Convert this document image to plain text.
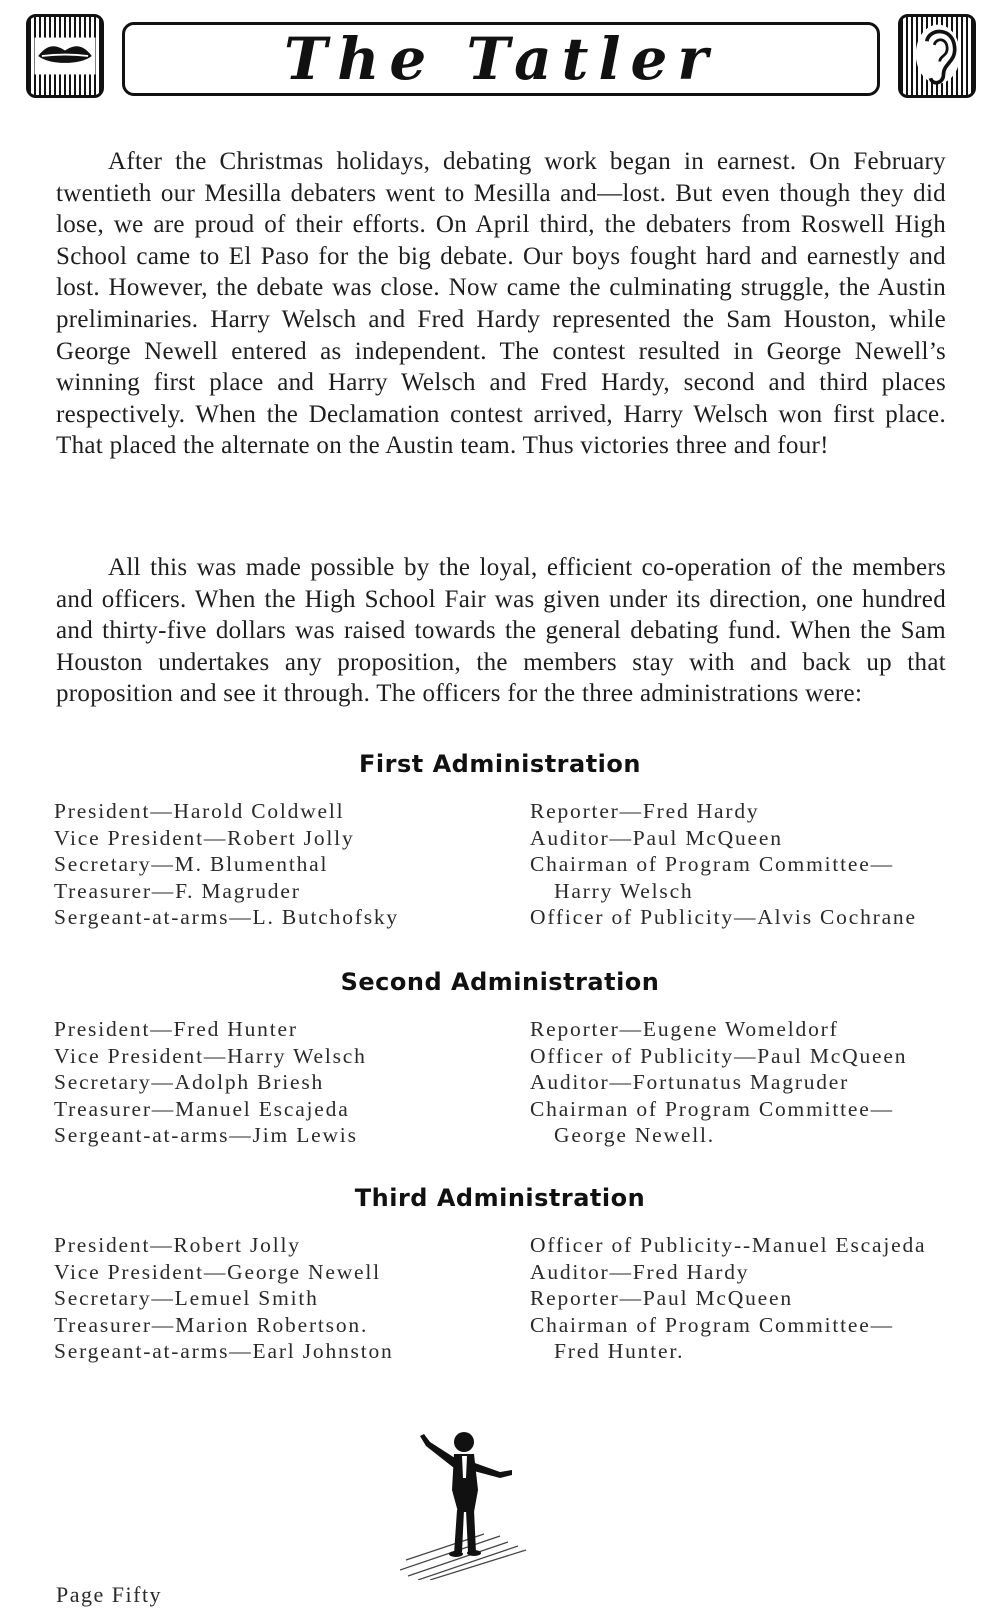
The Tatler

After the Christmas holidays, debating work began in earnest. On February twentieth our Mesilla debaters went to Mesilla and—lost. But even though they did lose, we are proud of their efforts. On April third, the debaters from Roswell High School came to El Paso for the big debate. Our boys fought hard and earnestly and lost. However, the debate was close. Now came the culminating struggle, the Austin preliminaries. Harry Welsch and Fred Hardy represented the Sam Houston, while George Newell entered as independent. The contest resulted in George Newell’s winning first place and Harry Welsch and Fred Hardy, second and third places respectively. When the Declamation contest arrived, Harry Welsch won first place. That placed the alternate on the Austin team. Thus victories three and four!

All this was made possible by the loyal, efficient co-operation of the members and officers. When the High School Fair was given under its direction, one hundred and thirty-five dollars was raised towards the general debating fund. When the Sam Houston undertakes any proposition, the members stay with and back up that proposition and see it through. The officers for the three administrations were:

First Administration
President—Harold Coldwell
Vice President—Robert Jolly
Secretary—M. Blumenthal
Treasurer—F. Magruder
Sergeant-at-arms—L. Butchofsky
Reporter—Fred Hardy
Auditor—Paul McQueen
Chairman of Program Committee—
Harry Welsch
Officer of Publicity—Alvis Cochrane
Second Administration
President—Fred Hunter
Vice President—Harry Welsch
Secretary—Adolph Briesh
Treasurer—Manuel Escajeda
Sergeant-at-arms—Jim Lewis
Reporter—Eugene Womeldorf
Officer of Publicity—Paul McQueen
Auditor—Fortunatus Magruder
Chairman of Program Committee—
George Newell.
Third Administration
President—Robert Jolly
Vice President—George Newell
Secretary—Lemuel Smith
Treasurer—Marion Robertson.
Sergeant-at-arms—Earl Johnston
Officer of Publicity--Manuel Escajeda
Auditor—Fred Hardy
Reporter—Paul McQueen
Chairman of Program Committee—
Fred Hunter.

Page Fifty
